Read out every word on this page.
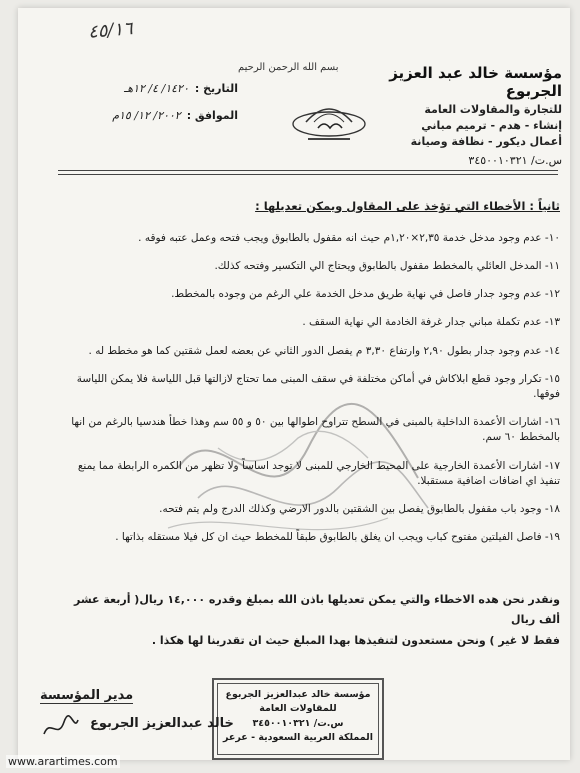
٤٥/١٦
مؤسسة خالد عبد العزيز الجربوع
للتجارة والمقاولات العامة
إنشاء - هدم - ترميم مباني
أعمال ديكور - نظافة وصيانة
س.ت/ ٣٤٥٠٠١٠٣٢١
بسم الله الرحمن الرحيم
التاريخ :
١٤٢٠/ ٤/ ١٢هـ
الموافق :
٢٠٠٢/ ١٢/ ١٥م
ثانياً : الأخطاء التي تؤخذ على المقاول ويمكن تعديلها :
١٠- عدم وجود مدخل خدمة ٢,٣٥×١,٢٠م حيث انه مقفول بالطابوق ويجب فتحه وعمل عتبه فوقه .
١١- المدخل العائلي بالمخطط مقفول بالطابوق ويحتاج الي التكسير وفتحه كذلك.
١٢- عدم وجود جدار فاصل في نهاية طريق مدخل الخدمة علي الرغم من وجوده بالمخطط.
١٣- عدم تكملة مباني جدار غرفة الخادمة الي نهاية السقف .
١٤- عدم وجود جدار بطول ٢,٩٠ وارتفاع ٣,٣٠ م يفصل الدور الثاني عن بعضه لعمل شقتين كما هو مخطط له .
١٥- تكرار وجود قطع ابلاكاش في أماكن مختلفة في سقف المبنى مما تحتاج لازالتها قبل اللياسة فلا يمكن اللياسة فوقها.
١٦- اشارات الأعمدة الداخلية بالمبنى في السطح تتراوح اطوالها بين ٥٠ و ٥٥ سم وهذا خطأ هندسيا بالرغم من انها بالمخطط ٦٠ سم.
١٧- اشارات الأعمدة الخارجية على المحيط الخارجي للمبنى لا توجد اساساً ولا تظهر من الكمره الرابطة مما يمنع تنفيذ اي اضافات اضافية مستقبلا.
١٨- وجود باب مقفول بالطابوق يفصل بين الشقتين بالدور الارضي وكذلك الدرج ولم يتم فتحه.
١٩- فاصل الفيلتين مفتوح كباب ويجب ان يغلق بالطابوق طبقاً للمخطط حيث ان كل فيلا مستقله بذاتها .
ونقدر نحن هده الاخطاء والتي يمكن تعديلها باذن الله بمبلغ وقدره ١٤,٠٠٠ ريال( أربعة عشر ألف ريال
فقط لا غير ) ونحن مستعدون لتنفيذها بهدا المبلغ حيث ان تقدرينا لها هكذا .
مؤسسة خالد عبدالعزيز الجربوع
للمقاولات العامة
س.ت/ ٣٤٥٠٠١٠٣٢١
المملكة العربية السعودية - عرعر
مدير المؤسسة
خالد عبدالعزيز الجربوع
www.arartimes.com
